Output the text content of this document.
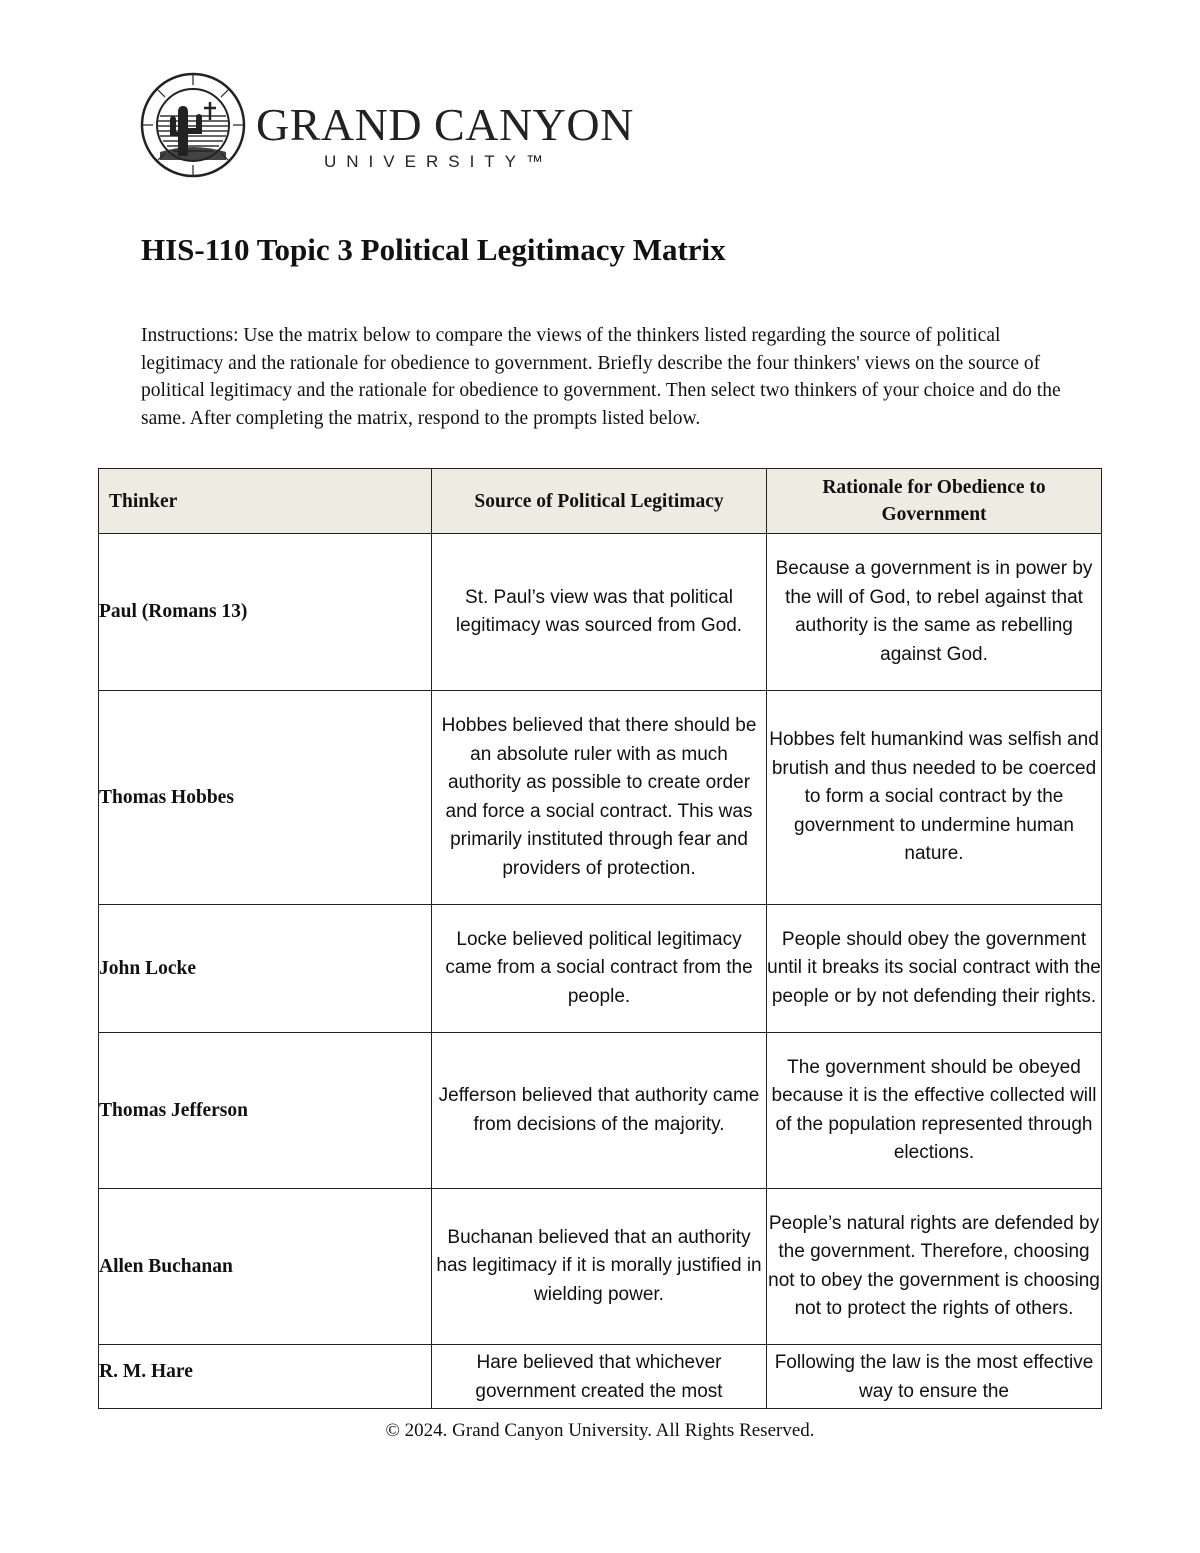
GRAND CANYON
UNIVERSITY™
HIS-110 Topic 3 Political Legitimacy Matrix

Instructions: Use the matrix below to compare the views of the thinkers listed regarding the source of political legitimacy and the rationale for obedience to government. Briefly describe the four thinkers' views on the source of political legitimacy and the rationale for obedience to government. Then select two thinkers of your choice and do the same. After completing the matrix, respond to the prompts listed below.

Thinker	Source of Political Legitimacy	Rationale for Obedience to Government
Paul (Romans 13)	St. Paul’s view was that political legitimacy was sourced from God.	Because a government is in power by the will of God, to rebel against that authority is the same as rebelling against God.
Thomas Hobbes	Hobbes believed that there should be an absolute ruler with as much authority as possible to create order and force a social contract. This was primarily instituted through fear and providers of protection.	Hobbes felt humankind was selfish and brutish and thus needed to be coerced to form a social contract by the government to undermine human nature.
John Locke	Locke believed political legitimacy came from a social contract from the people.	People should obey the government until it breaks its social contract with the people or by not defending their rights.
Thomas Jefferson	Jefferson believed that authority came from decisions of the majority.	The government should be obeyed because it is the effective collected will of the population represented through elections.
Allen Buchanan	Buchanan believed that an authority has legitimacy if it is morally justified in wielding power.	People’s natural rights are defended by the government. Therefore, choosing not to obey the government is choosing not to protect the rights of others.
R. M. Hare	Hare believed that whichever government created the most	Following the law is the most effective way to ensure the
© 2024. Grand Canyon University. All Rights Reserved.
